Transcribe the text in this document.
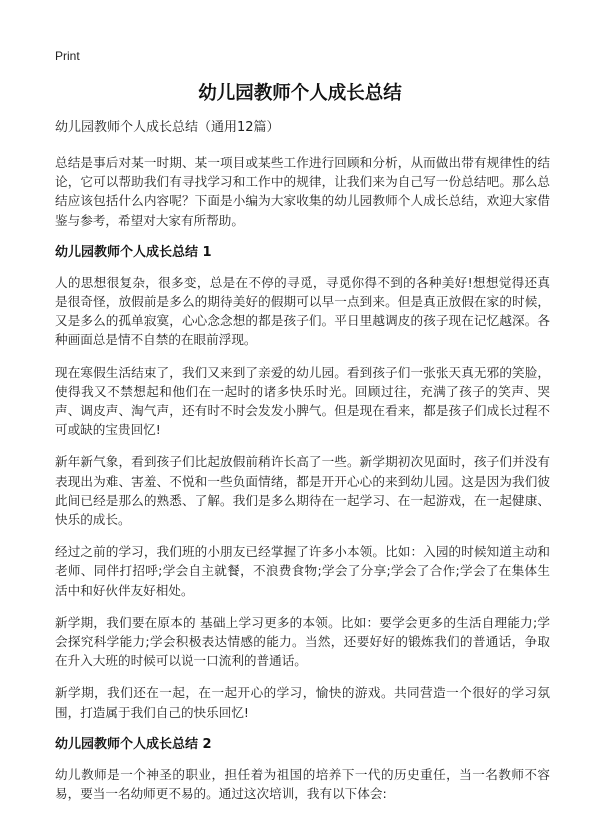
Print
幼儿园教师个人成长总结

幼儿园教师个人成长总结（通用12篇）

总结是事后对某一时期、某一项目或某些工作进行回顾和分析，从而做出带有规律性的结论，它可以帮助我们有寻找学习和工作中的规律，让我们来为自己写一份总结吧。那么总结应该包括什么内容呢？下面是小编为大家收集的幼儿园教师个人成长总结，欢迎大家借鉴与参考，希望对大家有所帮助。

幼儿园教师个人成长总结 1

人的思想很复杂，很多变，总是在不停的寻觅，寻觅你得不到的各种美好!想想觉得还真是很奇怪，放假前是多么的期待美好的假期可以早一点到来。但是真正放假在家的时候，又是多么的孤单寂寞，心心念念想的都是孩子们。平日里越调皮的孩子现在记忆越深。各种画面总是情不自禁的在眼前浮现。

现在寒假生活结束了，我们又来到了亲爱的幼儿园。看到孩子们一张张天真无邪的笑脸，使得我又不禁想起和他们在一起时的诸多快乐时光。回顾过往，充满了孩子的笑声、哭声、调皮声、淘气声，还有时不时会发发小脾气。但是现在看来，都是孩子们成长过程不可或缺的宝贵回忆!

新年新气象，看到孩子们比起放假前稍许长高了一些。新学期初次见面时，孩子们并没有表现出为难、害羞、不悦和一些负面情绪，都是开开心心的来到幼儿园。这是因为我们彼此间已经是那么的熟悉、了解。我们是多么期待在一起学习、在一起游戏，在一起健康、快乐的成长。

经过之前的学习，我们班的小朋友已经掌握了许多小本领。比如：入园的时候知道主动和老师、同伴打招呼;学会自主就餐，不浪费食物;学会了分享;学会了合作;学会了在集体生活中和好伙伴友好相处。

新学期，我们要在原本的 基础上学习更多的本领。比如：要学会更多的生活自理能力;学会探究科学能力;学会积极表达情感的能力。当然，还要好好的锻炼我们的普通话，争取在升入大班的时候可以说一口流利的普通话。

新学期，我们还在一起，在一起开心的学习，愉快的游戏。共同营造一个很好的学习氛围，打造属于我们自己的快乐回忆!

幼儿园教师个人成长总结 2

幼儿教师是一个神圣的职业，担任着为祖国的培养下一代的历史重任，当一名教师不容易，要当一名幼师更不易的。通过这次培训，我有以下体会:
